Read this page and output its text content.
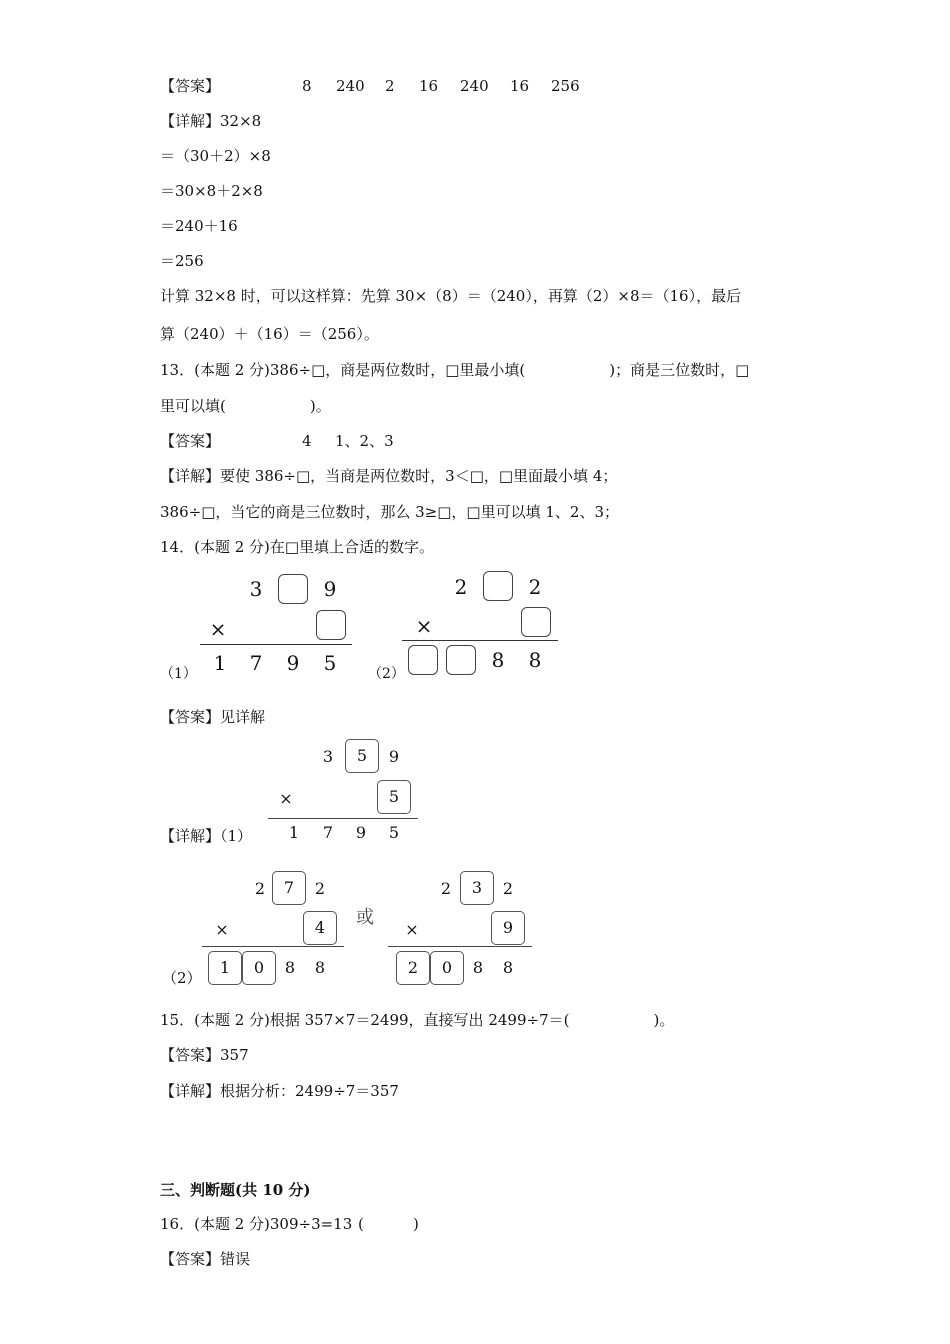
【答案】	8 240 2 16 240 16 256
【详解】32×8
＝（30＋2）×8
＝30×8＋2×8
＝240＋16
＝256
计算 32×8 时，可以这样算：先算 30×（8）＝（240），再算（2）×8＝（16），最后
算（240）＋（16）＝（256）。
13．(本题 2 分)386÷□，商是两位数时，□里最小填(	)；商是三位数时，□
里可以填(	)。
【答案】	4 1、2、3
【详解】要使 386÷□，当商是两位数时，3＜□，□里面最小填 4；
386÷□，当它的商是三位数时，那么 3≥□，□里可以填 1、2、3；
14．(本题 2 分)在□里填上合适的数字。
3	9
×
1 7 9 5
（1）
2	2
×
8 8
（2）
【答案】见详解
【详解】（1）
3	5	9
×	5
1	7	9	5
（2）
2	7	2
×	4
1	0	8	8
或
2	3	2
×	9
2	0	8	8
15．(本题 2 分)根据 357×7＝2499，直接写出 2499÷7＝(	)。
【答案】357
【详解】根据分析：2499÷7＝357
三、判断题(共 10 分)
16．(本题 2 分)309÷3=13 (	)
【答案】错误
